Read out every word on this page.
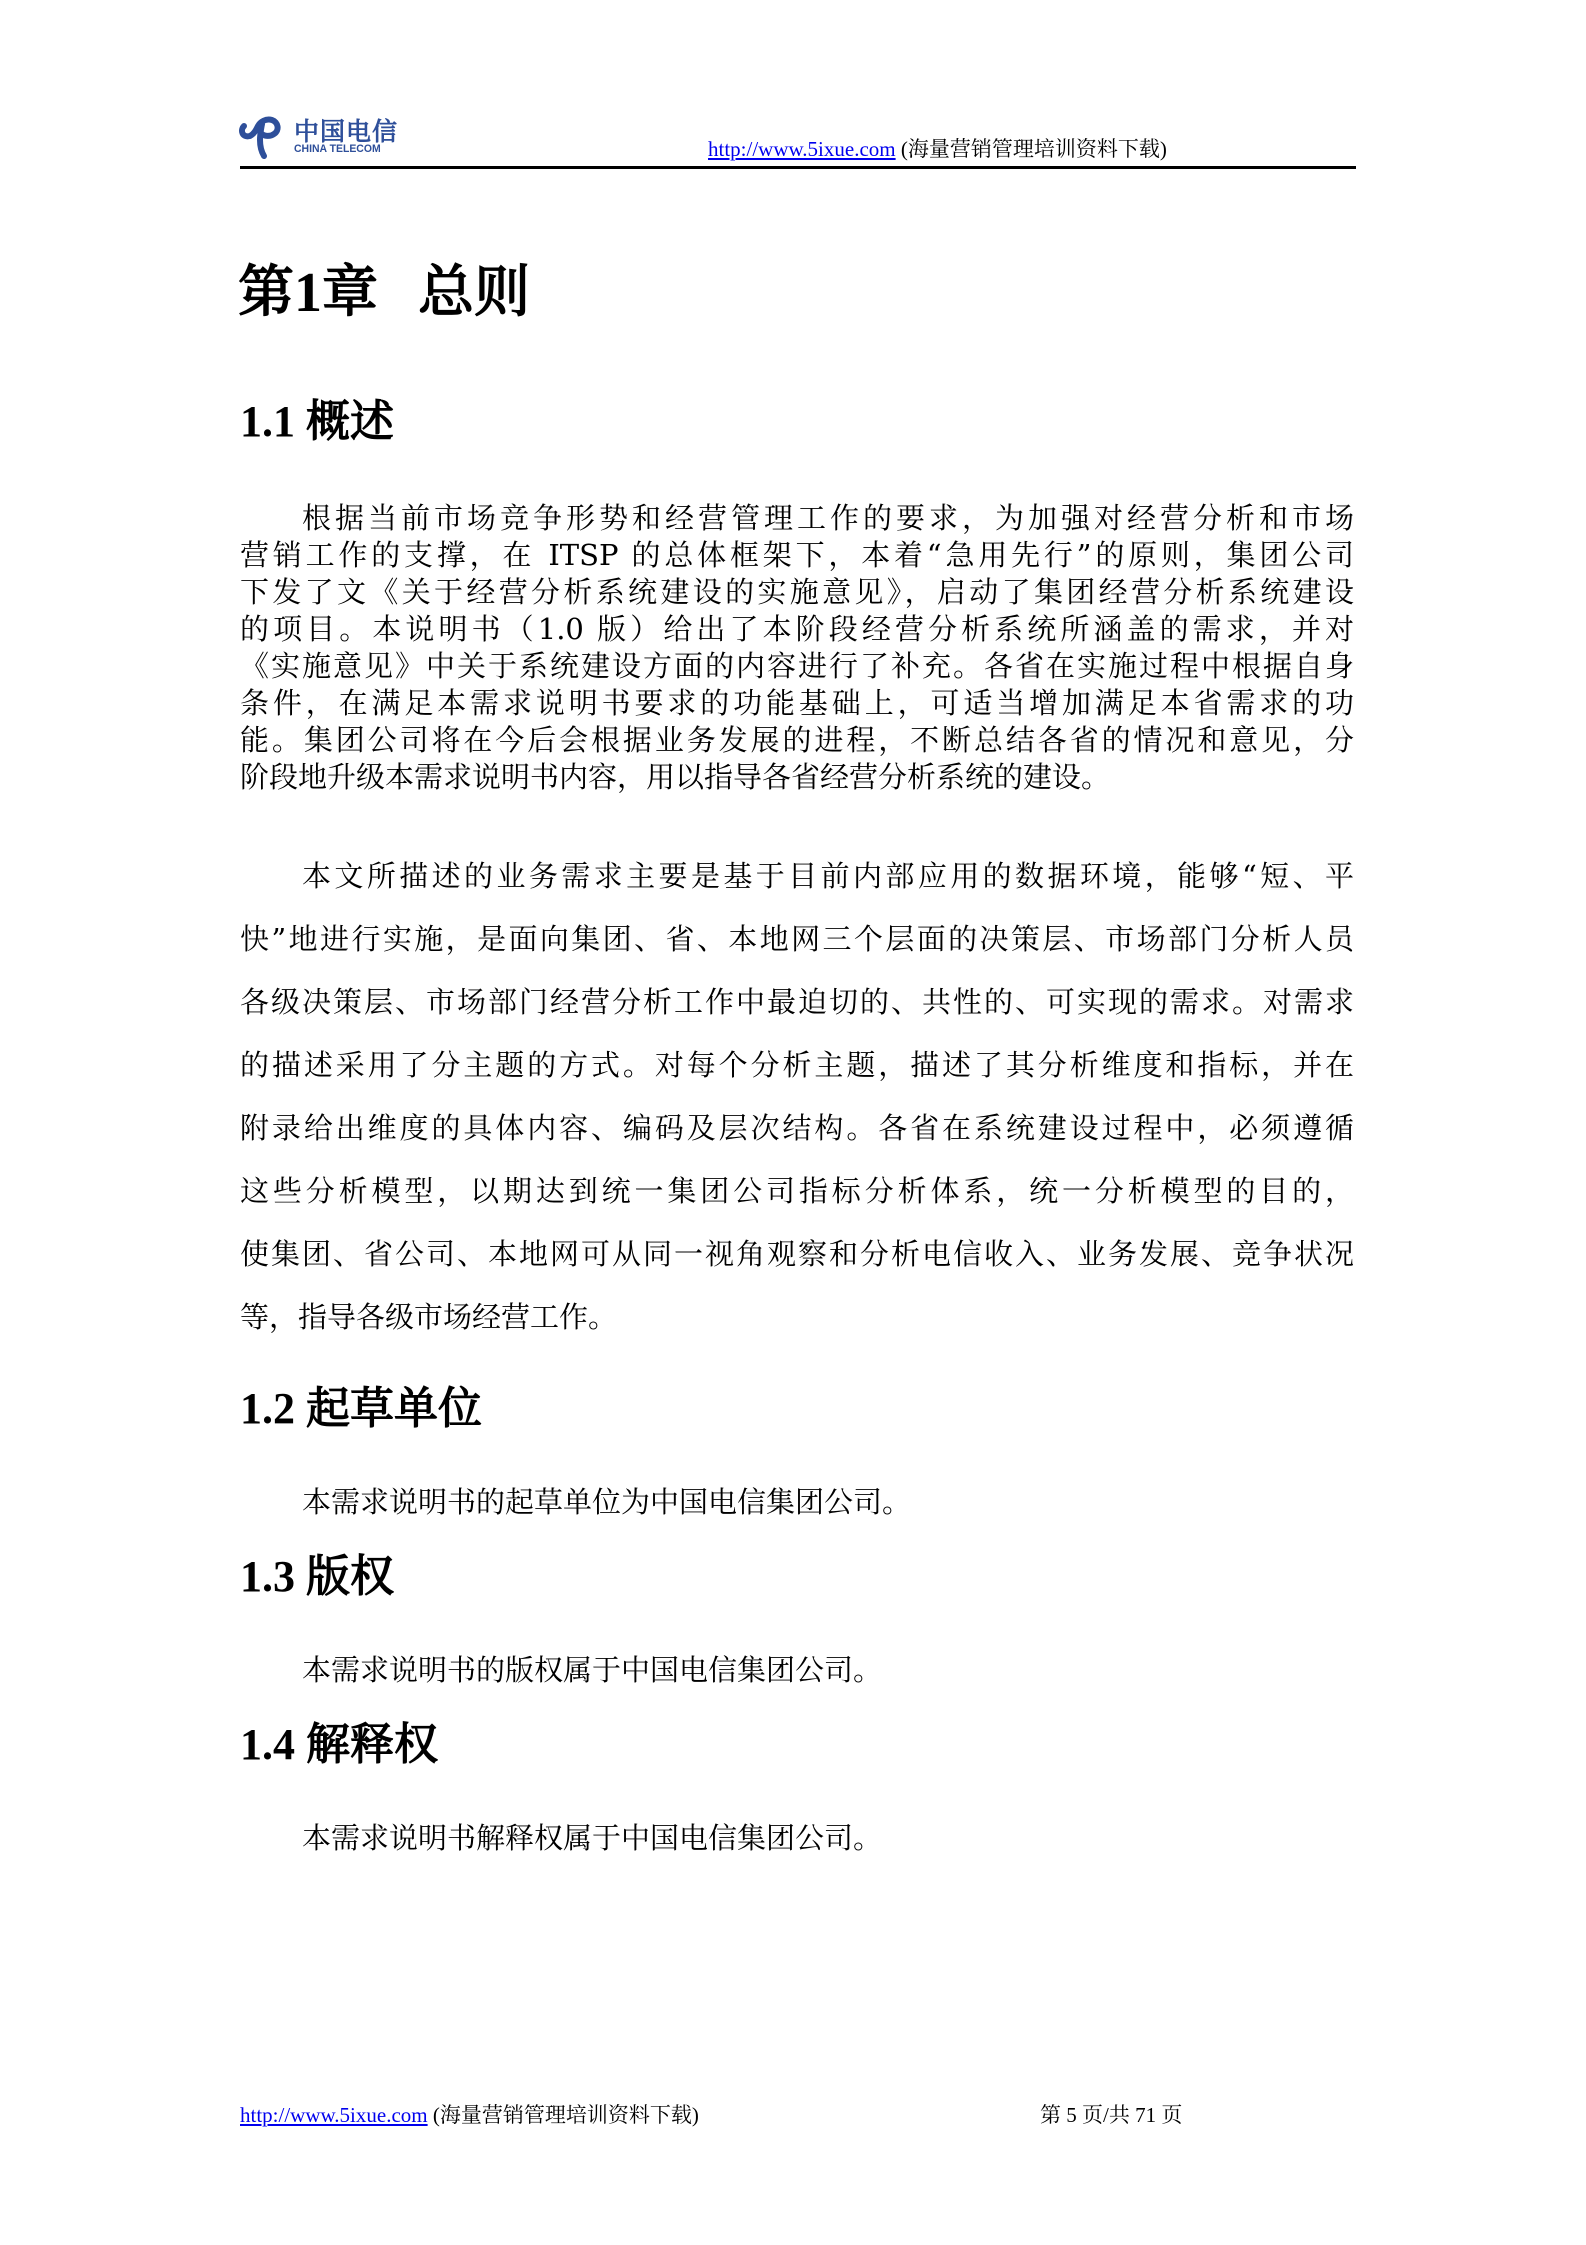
中国电信
CHINA TELECOM	http://www.5ixue.com (海量营销管理培训资料下载)
第1章 总则
1.1 概述
根据当前市场竞争形势和经营管理工作的要求，为加强对经营分析和市场
营销工作的支撑，在 ITSP 的总体框架下，本着“急用先行”的原则，集团公司
下发了文《关于经营分析系统建设的实施意见》，启动了集团经营分析系统建设
的项目。本说明书（1.0 版）给出了本阶段经营分析系统所涵盖的需求，并对
《实施意见》中关于系统建设方面的内容进行了补充。各省在实施过程中根据自身
条件，在满足本需求说明书要求的功能基础上，可适当增加满足本省需求的功
能。集团公司将在今后会根据业务发展的进程，不断总结各省的情况和意见，分
阶段地升级本需求说明书内容，用以指导各省经营分析系统的建设。
本文所描述的业务需求主要是基于目前内部应用的数据环境，能够“短、平
快”地进行实施，是面向集团、省、本地网三个层面的决策层、市场部门分析人员
各级决策层、市场部门经营分析工作中最迫切的、共性的、可实现的需求。对需求
的描述采用了分主题的方式。对每个分析主题，描述了其分析维度和指标，并在
附录给出维度的具体内容、编码及层次结构。各省在系统建设过程中，必须遵循
这些分析模型，以期达到统一集团公司指标分析体系，统一分析模型的目的，
使集团、省公司、本地网可从同一视角观察和分析电信收入、业务发展、竞争状况
等，指导各级市场经营工作。
1.2 起草单位
本需求说明书的起草单位为中国电信集团公司。
1.3 版权
本需求说明书的版权属于中国电信集团公司。
1.4 解释权
本需求说明书解释权属于中国电信集团公司。
http://www.5ixue.com (海量营销管理培训资料下载)	第 5 页/共 71 页
